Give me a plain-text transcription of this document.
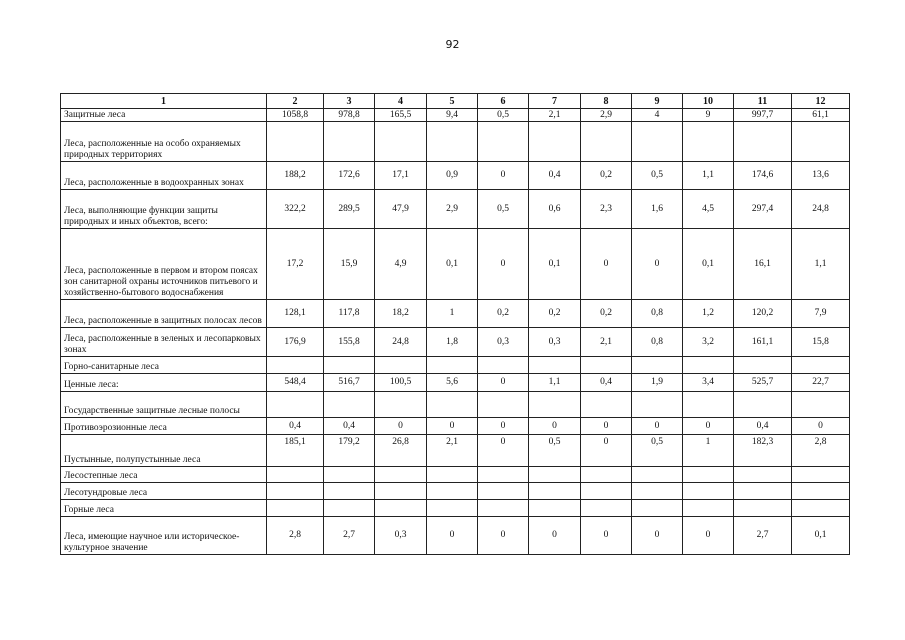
92
1	2	3	4	5	6	7	8	9	10	11	12
Защитные леса	1058,8	978,8	165,5	9,4	0,5	2,1	2,9	4	9	997,7	61,1
Леса, расположенные на особо охраняемых природных территориях											
Леса, расположенные в водоохранных зонах	188,2	172,6	17,1	0,9	0	0,4	0,2	0,5	1,1	174,6	13,6
Леса, выполняющие функции защиты природных и иных объектов, всего:	322,2	289,5	47,9	2,9	0,5	0,6	2,3	1,6	4,5	297,4	24,8
Леса, расположенные в первом и втором поясах зон санитарной охраны источников питьевого и хозяйственно-бытового водоснабжения	17,2	15,9	4,9	0,1	0	0,1	0	0	0,1	16,1	1,1
Леса, расположенные в защитных полосах лесов	128,1	117,8	18,2	1	0,2	0,2	0,2	0,8	1,2	120,2	7,9
Леса, расположенные в зеленых и лесопарковых зонах	176,9	155,8	24,8	1,8	0,3	0,3	2,1	0,8	3,2	161,1	15,8
Горно-санитарные леса											
Ценные леса:	548,4	516,7	100,5	5,6	0	1,1	0,4	1,9	3,4	525,7	22,7
Государственные защитные лесные полосы											
Противоэрозионные леса	0,4	0,4	0	0	0	0	0	0	0	0,4	0
Пустынные, полупустынные леса	185,1	179,2	26,8	2,1	0	0,5	0	0,5	1	182,3	2,8
Лесостепные леса											
Лесотундровые леса											
Горные леса											
Леса, имеющие научное или историческое-культурное значение	2,8	2,7	0,3	0	0	0	0	0	0	2,7	0,1
